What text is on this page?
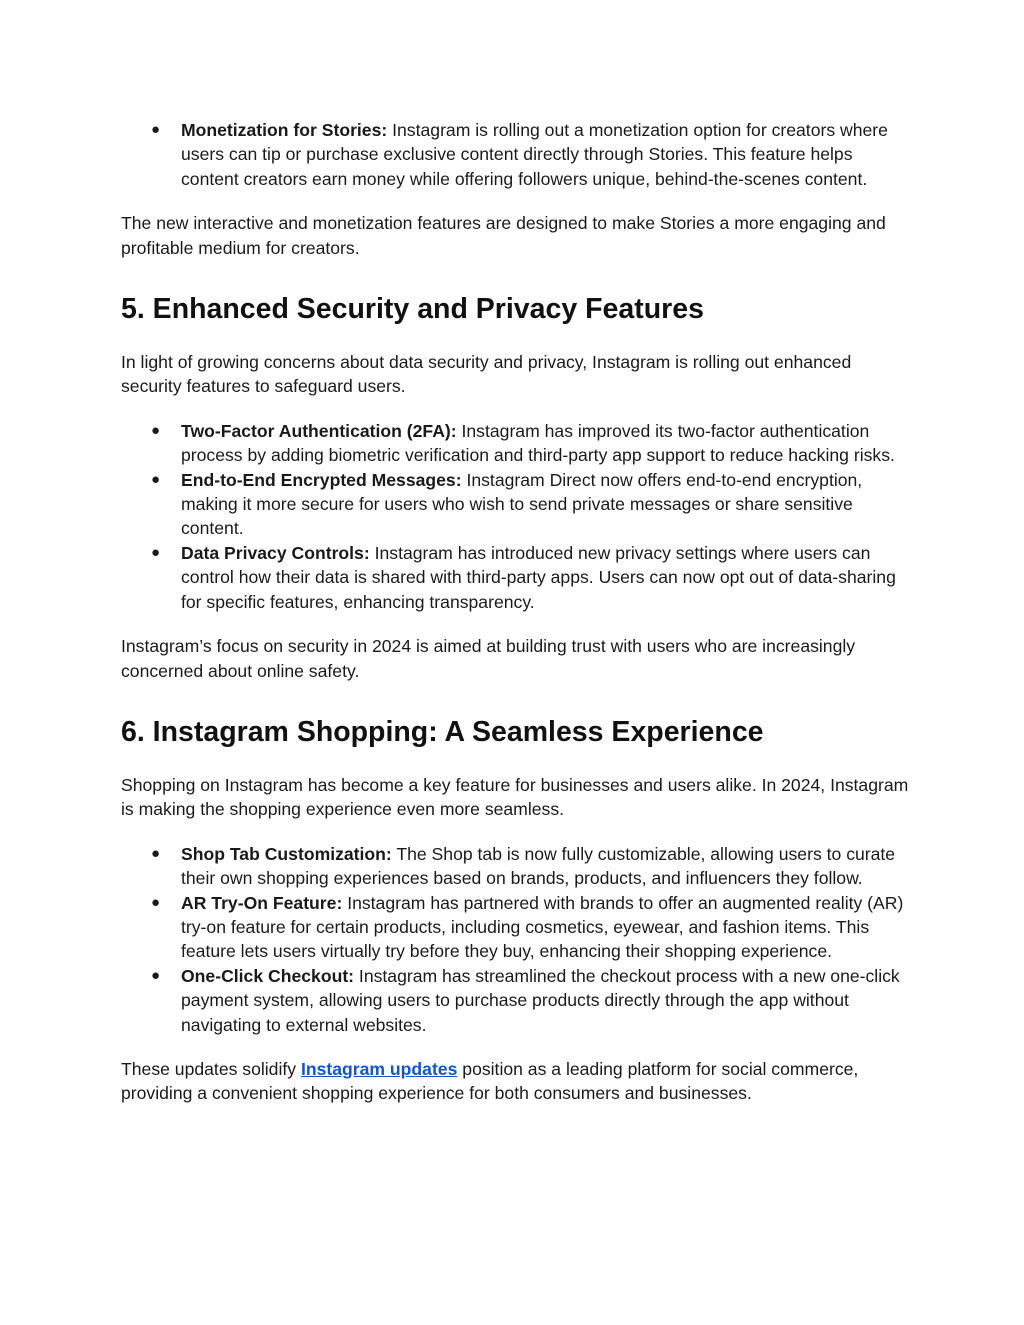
● Monetization for Stories: Instagram is rolling out a monetization option for creators where users can tip or purchase exclusive content directly through Stories. This feature helps content creators earn money while offering followers unique, behind-the-scenes content.

The new interactive and monetization features are designed to make Stories a more engaging and profitable medium for creators.

5. Enhanced Security and Privacy Features

In light of growing concerns about data security and privacy, Instagram is rolling out enhanced security features to safeguard users.

● Two-Factor Authentication (2FA): Instagram has improved its two-factor authentication process by adding biometric verification and third-party app support to reduce hacking risks.
● End-to-End Encrypted Messages: Instagram Direct now offers end-to-end encryption, making it more secure for users who wish to send private messages or share sensitive content.
● Data Privacy Controls: Instagram has introduced new privacy settings where users can control how their data is shared with third-party apps. Users can now opt out of data-sharing for specific features, enhancing transparency.

Instagram’s focus on security in 2024 is aimed at building trust with users who are increasingly concerned about online safety.

6. Instagram Shopping: A Seamless Experience

Shopping on Instagram has become a key feature for businesses and users alike. In 2024, Instagram is making the shopping experience even more seamless.

● Shop Tab Customization: The Shop tab is now fully customizable, allowing users to curate their own shopping experiences based on brands, products, and influencers they follow.
● AR Try-On Feature: Instagram has partnered with brands to offer an augmented reality (AR) try-on feature for certain products, including cosmetics, eyewear, and fashion items. This feature lets users virtually try before they buy, enhancing their shopping experience.
● One-Click Checkout: Instagram has streamlined the checkout process with a new one-click payment system, allowing users to purchase products directly through the app without navigating to external websites.

These updates solidify Instagram updates position as a leading platform for social commerce, providing a convenient shopping experience for both consumers and businesses.
